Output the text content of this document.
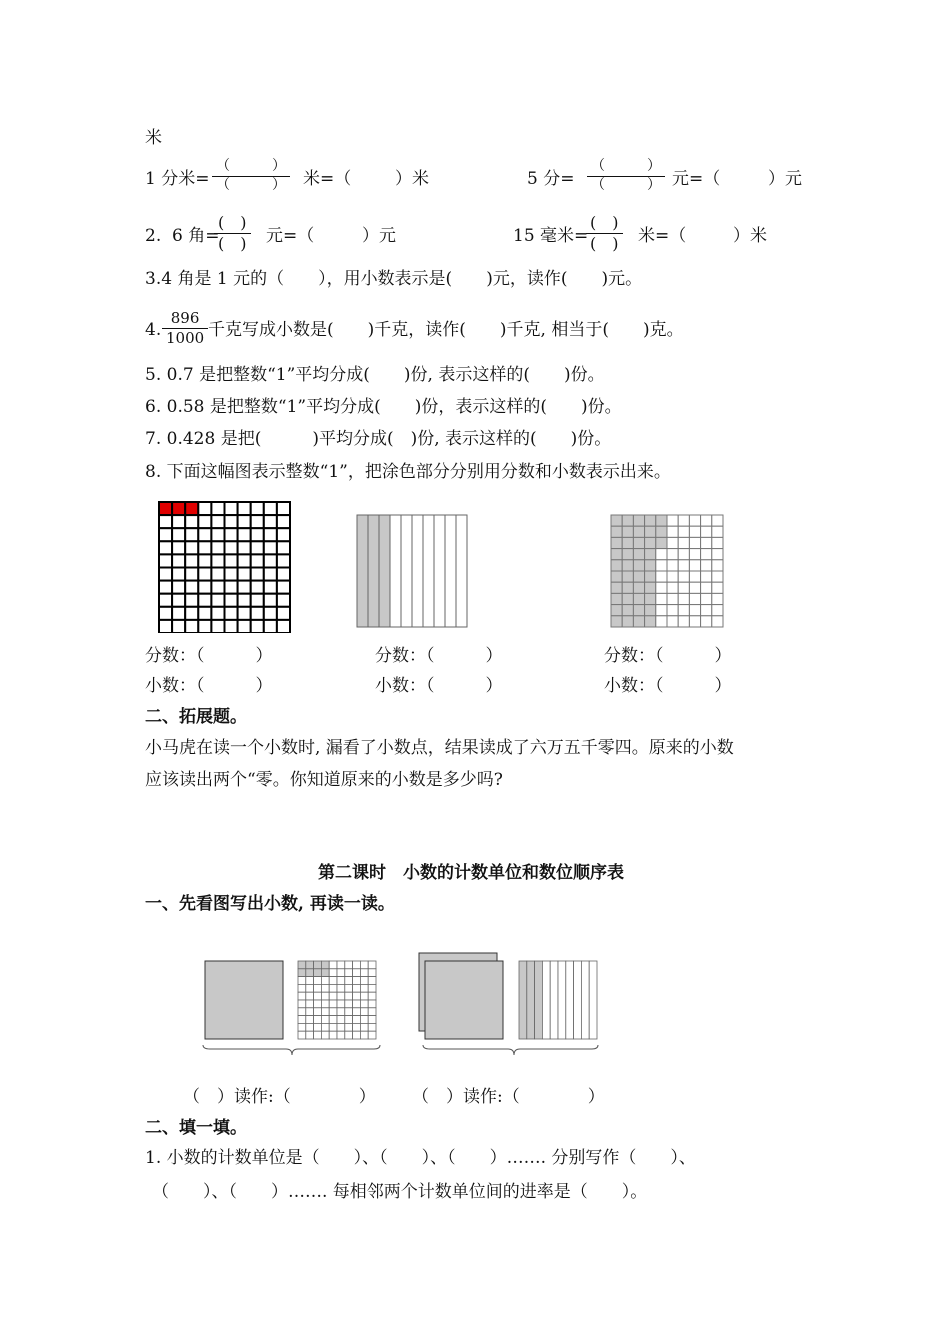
米
1 分米=
（　　　）
（　　　） 米=（	）米	5 分=
（　　　）
（　　　） 元=（	）元
2. 6 角=
(　)
(　) 元=（	）元	15 毫米=
(　)
(　) 米=（	）米
3.4 角是 1 元的（　　），用小数表示是(　　)元，读作(　　)元。
4. $\frac{896}{1000}$ 千克写成小数是(　　)千克，读作(　　)千克, 相当于(　　)克。
5. 0.7 是把整数“1”平均分成(　　)份, 表示这样的(　　)份。
6. 0.58 是把整数“1”平均分成(　　)份，表示这样的(　　)份。
7. 0.428 是把(　　　)平均分成(　)份, 表示这样的(　　)份。
8. 下面这幅图表示整数“1”，把涂色部分分别用分数和小数表示出来。
分数：（　　　）	分数：（　　　）	分数：（　　　）
小数：（　　　）	小数：（　　　）	小数：（　　　）
二、拓展题。
小马虎在读一个小数时, 漏看了小数点，结果读成了六万五千零四。原来的小数
应该读出两个“零。你知道原来的小数是多少吗?
第二课时　小数的计数单位和数位顺序表
一、先看图写出小数, 再读一读。
（　）读作:（　　　　） （　）读作:（　　　　）
二、填一填。
1. 小数的计数单位是（　　）、（　　）、（　　）……. 分别写作（　　）、
（　　）、（　　）……. 每相邻两个计数单位间的进率是（　　）。
